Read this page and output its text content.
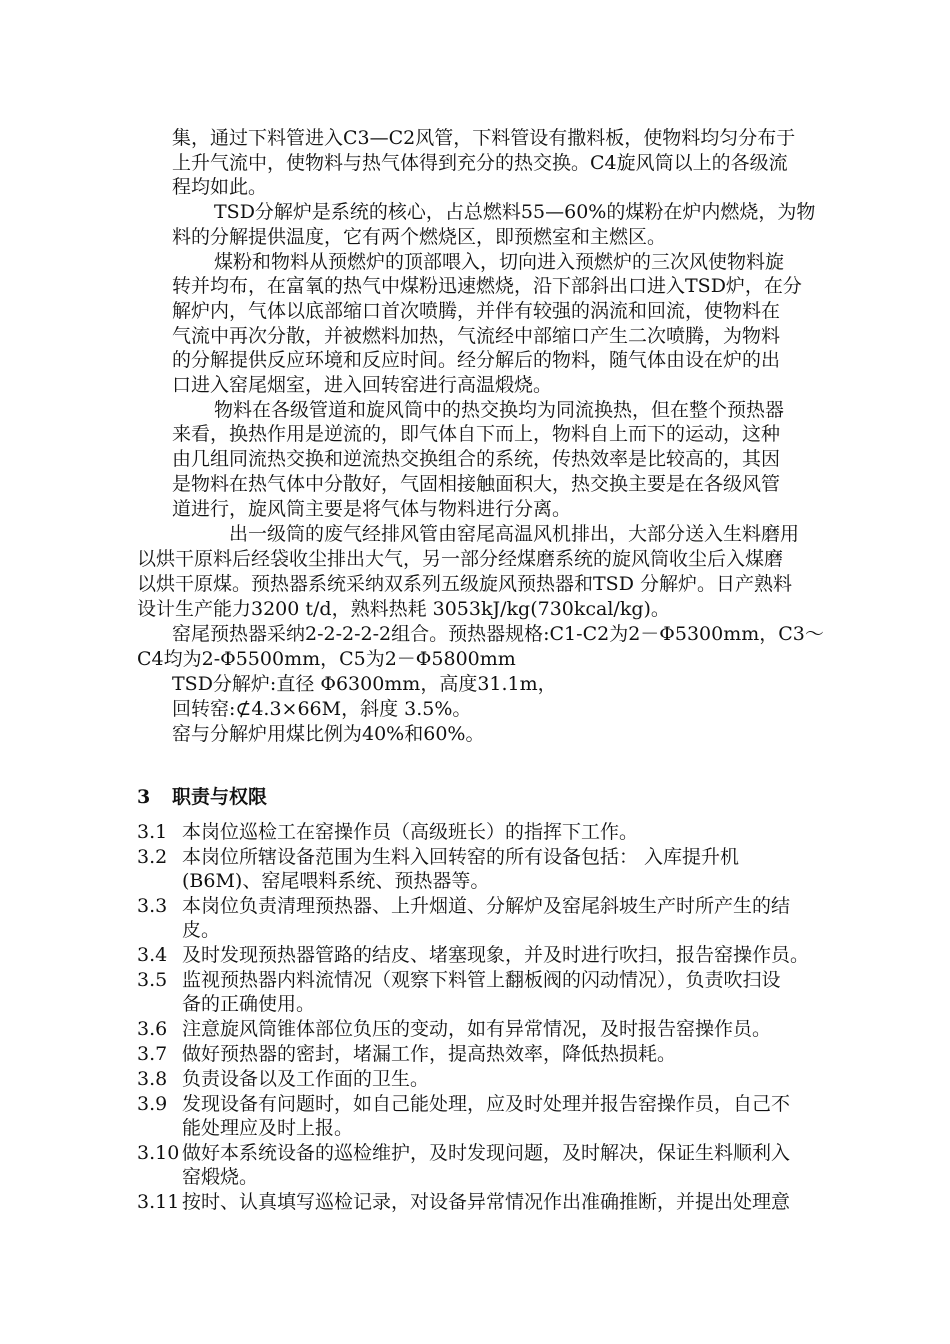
集，通过下料管进入C3—C2风管，下料管设有撒料板，使物料均匀分布于
上升气流中，使物料与热气体得到充分的热交换。C4旋风筒以上的各级流
程均如此。
TSD分解炉是系统的核心，占总燃料55—60%的煤粉在炉内燃烧，为物
料的分解提供温度，它有两个燃烧区，即预燃室和主燃区。
煤粉和物料从预燃炉的顶部喂入，切向进入预燃炉的三次风使物料旋
转并均布，在富氧的热气中煤粉迅速燃烧，沿下部斜出口进入TSD炉，在分
解炉内，气体以底部缩口首次喷腾，并伴有较强的涡流和回流，使物料在
气流中再次分散，并被燃料加热，气流经中部缩口产生二次喷腾，为物料
的分解提供反应环境和反应时间。经分解后的物料，随气体由设在炉的出
口进入窑尾烟室，进入回转窑进行高温煅烧。
物料在各级管道和旋风筒中的热交换均为同流换热，但在整个预热器
来看，换热作用是逆流的，即气体自下而上，物料自上而下的运动，这种
由几组同流热交换和逆流热交换组合的系统，传热效率是比较高的，其因
是物料在热气体中分散好，气固相接触面积大，热交换主要是在各级风管
道进行，旋风筒主要是将气体与物料进行分离。
出一级筒的废气经排风管由窑尾高温风机排出，大部分送入生料磨用
以烘干原料后经袋收尘排出大气，另一部分经煤磨系统的旋风筒收尘后入煤磨
以烘干原煤。预热器系统采纳双系列五级旋风预热器和TSD 分解炉。日产熟料
设计生产能力3200 t/d，熟料热耗 3053kJ/kg(730kcal/kg)。
窑尾预热器采纳2-2-2-2-2组合。预热器规格:C1-C2为2－Φ5300mm，C3～
C4均为2-Φ5500mm，C5为2－Φ5800mm
TSD分解炉:直径 Φ6300mm，高度31.1m，
回转窑:⊄4.3×66M，斜度 3.5%。
窑与分解炉用煤比例为40%和60%。
3 职责与权限
3.1 本岗位巡检工在窑操作员（高级班长）的指挥下工作。
3.2 本岗位所辖设备范围为生料入回转窑的所有设备包括： 入库提升机
(B6M)、窑尾喂料系统、预热器等。
3.3 本岗位负责清理预热器、上升烟道、分解炉及窑尾斜坡生产时所产生的结
皮。
3.4 及时发现预热器管路的结皮、堵塞现象，并及时进行吹扫，报告窑操作员。
3.5 监视预热器内料流情况（观察下料管上翻板阀的闪动情况），负责吹扫设
备的正确使用。
3.6 注意旋风筒锥体部位负压的变动，如有异常情况，及时报告窑操作员。
3.7 做好预热器的密封，堵漏工作，提高热效率，降低热损耗。
3.8 负责设备以及工作面的卫生。
3.9 发现设备有问题时，如自己能处理，应及时处理并报告窑操作员，自己不
能处理应及时上报。
3.10 做好本系统设备的巡检维护，及时发现问题，及时解决，保证生料顺利入
窑煅烧。
3.11 按时、认真填写巡检记录，对设备异常情况作出准确推断，并提出处理意
